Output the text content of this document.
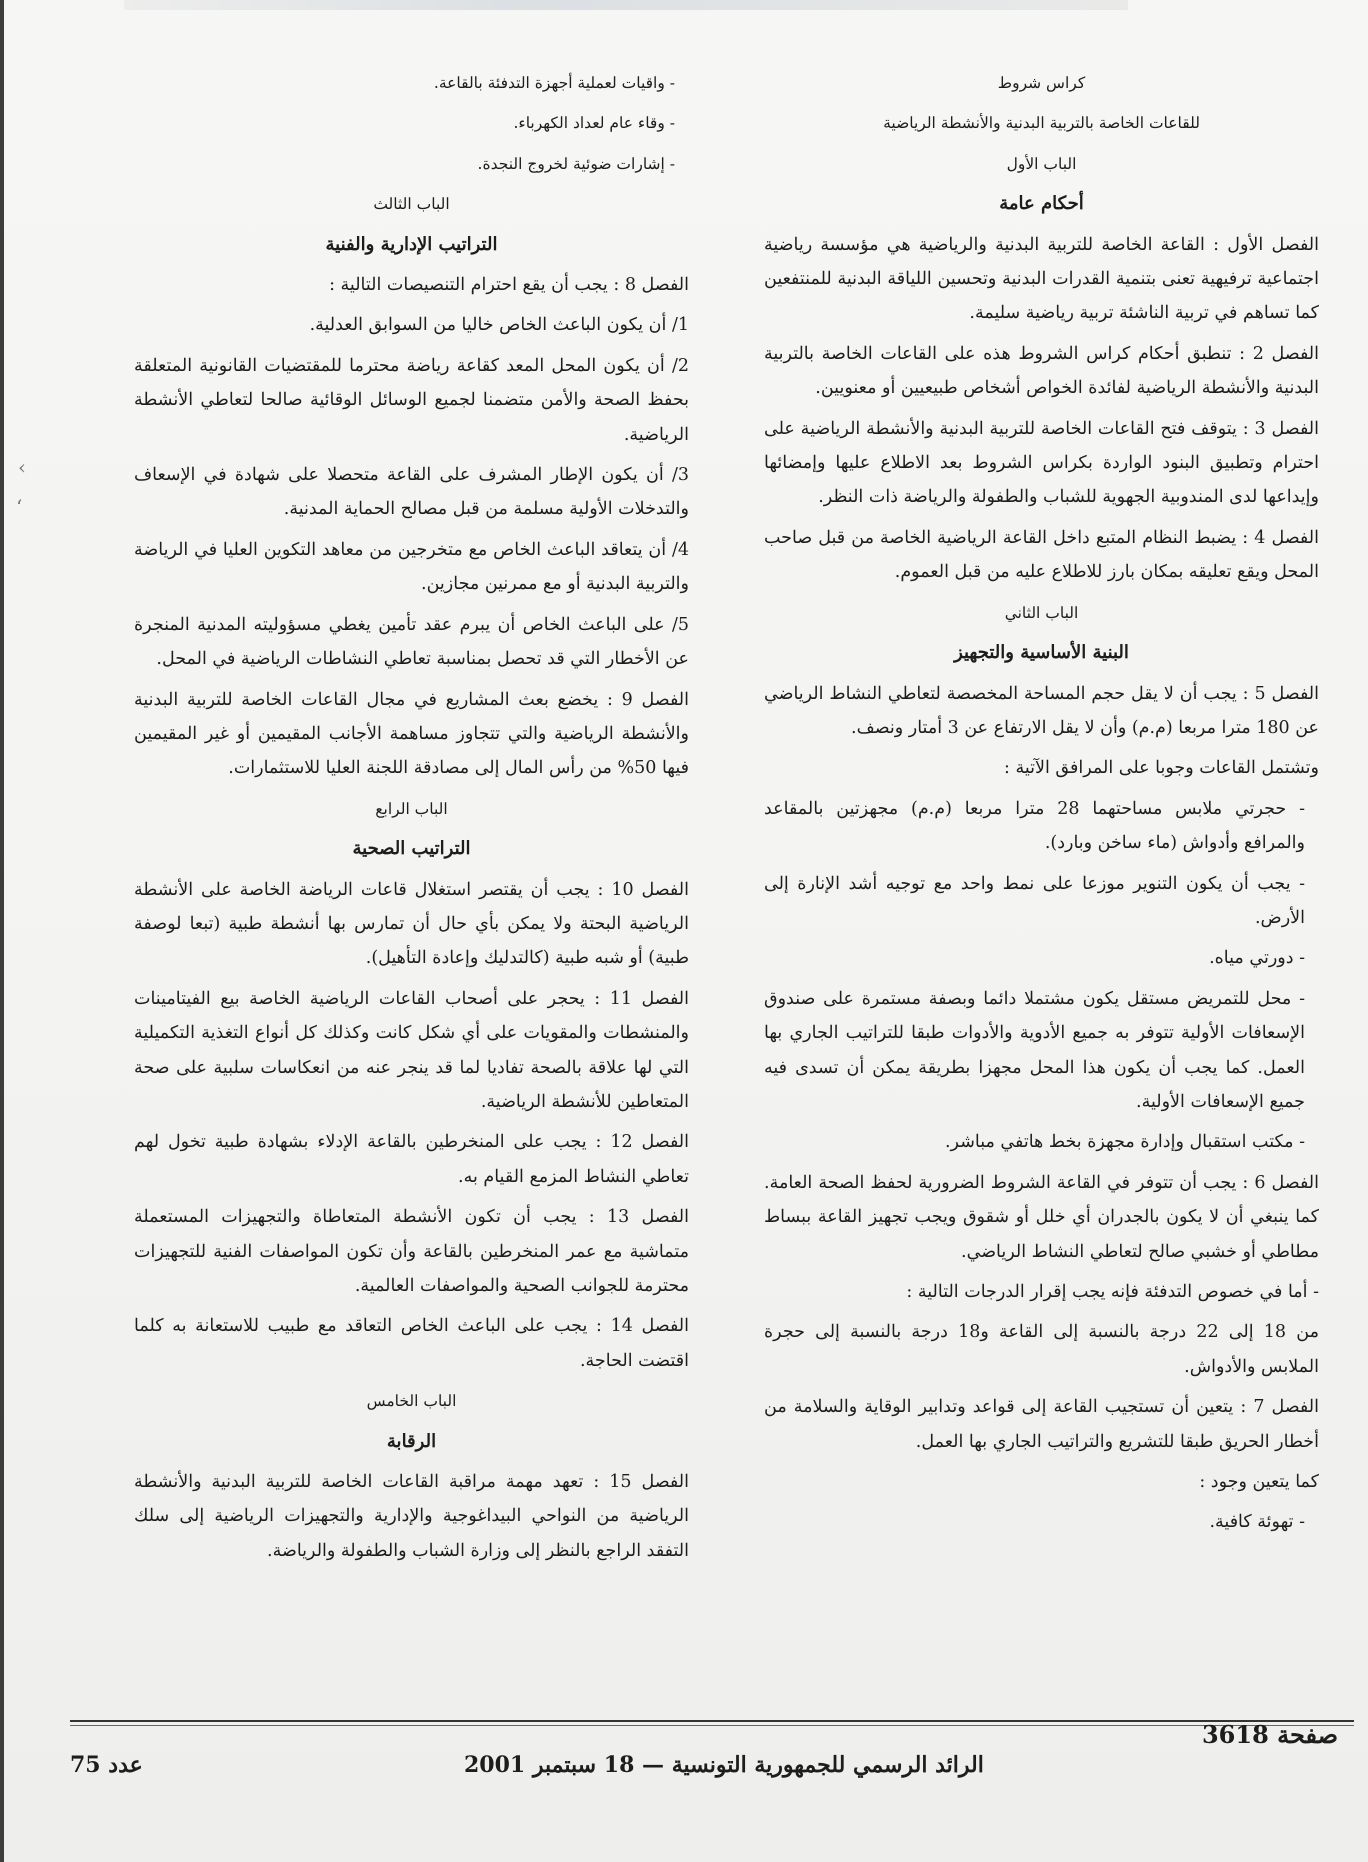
كراس شروط

للقاعات الخاصة بالتربية البدنية والأنشطة الرياضية

الباب الأول

أحكام عامة

الفصل الأول : القاعة الخاصة للتربية البدنية والرياضية هي مؤسسة رياضية اجتماعية ترفيهية تعنى بتنمية القدرات البدنية وتحسين اللياقة البدنية للمنتفعين كما تساهم في تربية الناشئة تربية رياضية سليمة.

الفصل 2 : تنطبق أحكام كراس الشروط هذه على القاعات الخاصة بالتربية البدنية والأنشطة الرياضية لفائدة الخواص أشخاص طبيعيين أو معنويين.

الفصل 3 : يتوقف فتح القاعات الخاصة للتربية البدنية والأنشطة الرياضية على احترام وتطبيق البنود الواردة بكراس الشروط بعد الاطلاع عليها وإمضائها وإيداعها لدى المندوبية الجهوية للشباب والطفولة والرياضة ذات النظر.

الفصل 4 : يضبط النظام المتبع داخل القاعة الرياضية الخاصة من قبل صاحب المحل ويقع تعليقه بمكان بارز للاطلاع عليه من قبل العموم.

الباب الثاني

البنية الأساسية والتجهيز

الفصل 5 : يجب أن لا يقل حجم المساحة المخصصة لتعاطي النشاط الرياضي عن 180 مترا مربعا (م.م) وأن لا يقل الارتفاع عن 3 أمتار ونصف.

وتشتمل القاعات وجوبا على المرافق الآتية :

- حجرتي ملابس مساحتهما 28 مترا مربعا (م.م) مجهزتين بالمقاعد والمرافع وأدواش (ماء ساخن وبارد).

- يجب أن يكون التنوير موزعا على نمط واحد مع توجيه أشد الإنارة إلى الأرض.

- دورتي مياه.

- محل للتمريض مستقل يكون مشتملا دائما وبصفة مستمرة على صندوق الإسعافات الأولية تتوفر به جميع الأدوية والأدوات طبقا للتراتيب الجاري بها العمل. كما يجب أن يكون هذا المحل مجهزا بطريقة يمكن أن تسدى فيه جميع الإسعافات الأولية.

- مكتب استقبال وإدارة مجهزة بخط هاتفي مباشر.

الفصل 6 : يجب أن تتوفر في القاعة الشروط الضرورية لحفظ الصحة العامة. كما ينبغي أن لا يكون بالجدران أي خلل أو شقوق ويجب تجهيز القاعة ببساط مطاطي أو خشبي صالح لتعاطي النشاط الرياضي.

- أما في خصوص التدفئة فإنه يجب إقرار الدرجات التالية :

من 18 إلى 22 درجة بالنسبة إلى القاعة و18 درجة بالنسبة إلى حجرة الملابس والأدواش.

الفصل 7 : يتعين أن تستجيب القاعة إلى قواعد وتدابير الوقاية والسلامة من أخطار الحريق طبقا للتشريع والتراتيب الجاري بها العمل.

كما يتعين وجود :

- تهوئة كافية.

- واقيات لعملية أجهزة التدفئة بالقاعة.

- وقاء عام لعداد الكهرباء.

- إشارات ضوئية لخروج النجدة.

الباب الثالث

التراتيب الإدارية والفنية

الفصل 8 : يجب أن يقع احترام التنصيصات التالية :

1/ أن يكون الباعث الخاص خاليا من السوابق العدلية.

2/ أن يكون المحل المعد كقاعة رياضة محترما للمقتضيات القانونية المتعلقة بحفظ الصحة والأمن متضمنا لجميع الوسائل الوقائية صالحا لتعاطي الأنشطة الرياضية.

3/ أن يكون الإطار المشرف على القاعة متحصلا على شهادة في الإسعاف والتدخلات الأولية مسلمة من قبل مصالح الحماية المدنية.

4/ أن يتعاقد الباعث الخاص مع متخرجين من معاهد التكوين العليا في الرياضة والتربية البدنية أو مع ممرنين مجازين.

5/ على الباعث الخاص أن يبرم عقد تأمين يغطي مسؤوليته المدنية المنجرة عن الأخطار التي قد تحصل بمناسبة تعاطي النشاطات الرياضية في المحل.

الفصل 9 : يخضع بعث المشاريع في مجال القاعات الخاصة للتربية البدنية والأنشطة الرياضية والتي تتجاوز مساهمة الأجانب المقيمين أو غير المقيمين فيها 50% من رأس المال إلى مصادقة اللجنة العليا للاستثمارات.

الباب الرابع

التراتيب الصحية

الفصل 10 : يجب أن يقتصر استغلال قاعات الرياضة الخاصة على الأنشطة الرياضية البحتة ولا يمكن بأي حال أن تمارس بها أنشطة طبية (تبعا لوصفة طبية) أو شبه طبية (كالتدليك وإعادة التأهيل).

الفصل 11 : يحجر على أصحاب القاعات الرياضية الخاصة بيع الفيتامينات والمنشطات والمقويات على أي شكل كانت وكذلك كل أنواع التغذية التكميلية التي لها علاقة بالصحة تفاديا لما قد ينجر عنه من انعكاسات سلبية على صحة المتعاطين للأنشطة الرياضية.

الفصل 12 : يجب على المنخرطين بالقاعة الإدلاء بشهادة طبية تخول لهم تعاطي النشاط المزمع القيام به.

الفصل 13 : يجب أن تكون الأنشطة المتعاطاة والتجهيزات المستعملة متماشية مع عمر المنخرطين بالقاعة وأن تكون المواصفات الفنية للتجهيزات محترمة للجوانب الصحية والمواصفات العالمية.

الفصل 14 : يجب على الباعث الخاص التعاقد مع طبيب للاستعانة به كلما اقتضت الحاجة.

الباب الخامس

الرقابة

الفصل 15 : تعهد مهمة مراقبة القاعات الخاصة للتربية البدنية والأنشطة الرياضية من النواحي البيداغوجية والإدارية والتجهيزات الرياضية إلى سلك التفقد الراجع بالنظر إلى وزارة الشباب والطفولة والرياضة.

‹
ʻ
صفحة 3618
الرائد الرسمي للجمهورية التونسية — 18 سبتمبر 2001
عدد 75
